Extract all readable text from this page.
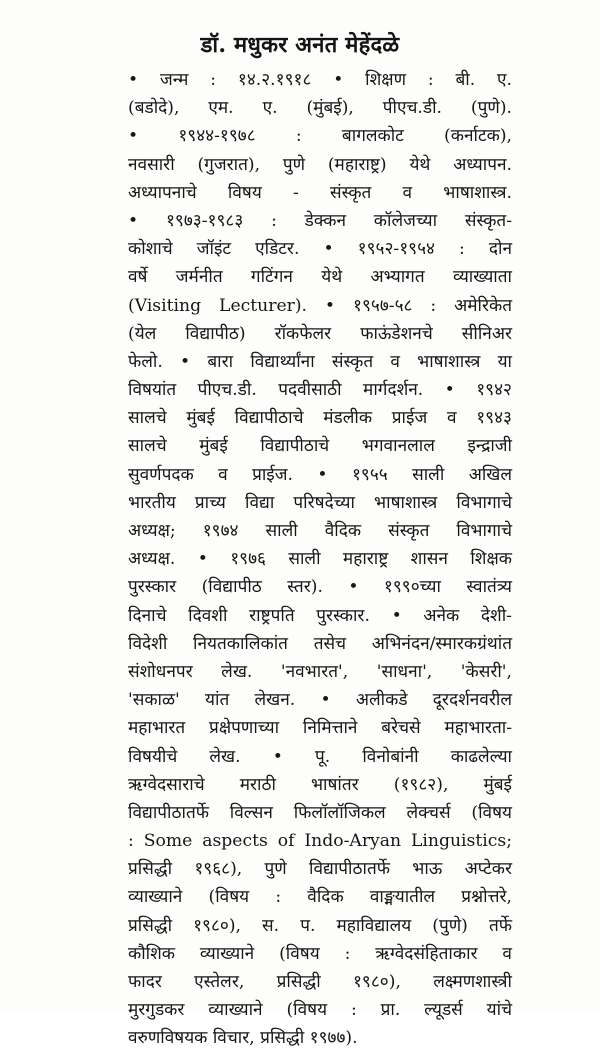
डॉ. मधुकर अनंत मेहेंदळे
• जन्म : १४.२.१९१८ • शिक्षण : बी. ए.
(बडोदे), एम. ए. (मुंबई), पीएच.डी. (पुणे).
• १९४४-१९७८ : बागलकोट (कर्नाटक),
नवसारी (गुजरात), पुणे (महाराष्ट्र) येथे अध्यापन.
अध्यापनाचे विषय - संस्कृत व भाषाशास्त्र.
• १९७३-१९८३ : डेक्कन कॉलेजच्या संस्कृत-
कोशाचे जॉइंट एडिटर. • १९५२-१९५४ : दोन
वर्षे जर्मनीत गटिंगन येथे अभ्यागत व्याख्याता
(Visiting Lecturer). • १९५७-५८ : अमेरिकेत
(येल विद्यापीठ) रॉकफेलर फाऊंडेशनचे सीनिअर
फेलो. • बारा विद्यार्थ्यांना संस्कृत व भाषाशास्त्र या
विषयांत पीएच.डी. पदवीसाठी मार्गदर्शन. • १९४२
सालचे मुंबई विद्यापीठाचे मंडलीक प्राईज व १९४३
सालचे मुंबई विद्यापीठाचे भगवानलाल इन्द्राजी
सुवर्णपदक व प्राईज. • १९५५ साली अखिल
भारतीय प्राच्य विद्या परिषदेच्या भाषाशास्त्र विभागाचे
अध्यक्ष; १९७४ साली वैदिक संस्कृत विभागाचे
अध्यक्ष. • १९७६ साली महाराष्ट्र शासन शिक्षक
पुरस्कार (विद्यापीठ स्तर). • १९९०च्या स्वातंत्र्य
दिनाचे दिवशी राष्ट्रपति पुरस्कार. • अनेक देशी-
विदेशी नियतकालिकांत तसेच अभिनंदन/स्मारकग्रंथांत
संशोधनपर लेख. 'नवभारत', 'साधना', 'केसरी',
'सकाळ' यांत लेखन. • अलीकडे दूरदर्शनवरील
महाभारत प्रक्षेपणाच्या निमित्ताने बरेचसे महाभारता-
विषयीचे लेख. • पू. विनोबांनी काढलेल्या
ऋग्वेदसाराचे मराठी भाषांतर (१९८२), मुंबई
विद्यापीठातर्फे विल्सन फिलॉलॉजिकल लेक्चर्स (विषय
: Some aspects of Indo-Aryan Linguistics;
प्रसिद्धी १९६८), पुणे विद्यापीठातर्फे भाऊ अप्टेकर
व्याख्याने (विषय : वैदिक वाङ्मयातील प्रश्नोत्तरे,
प्रसिद्धी १९८०), स. प. महाविद्यालय (पुणे) तर्फे
कौशिक व्याख्याने (विषय : ऋग्वेदसंहिताकार व
फादर एस्तेलर, प्रसिद्धी १९८०), लक्ष्मणशास्त्री
मुरगुडकर व्याख्याने (विषय : प्रा. ल्यूडर्स यांचे
वरुणविषयक विचार, प्रसिद्धी १९७७).
